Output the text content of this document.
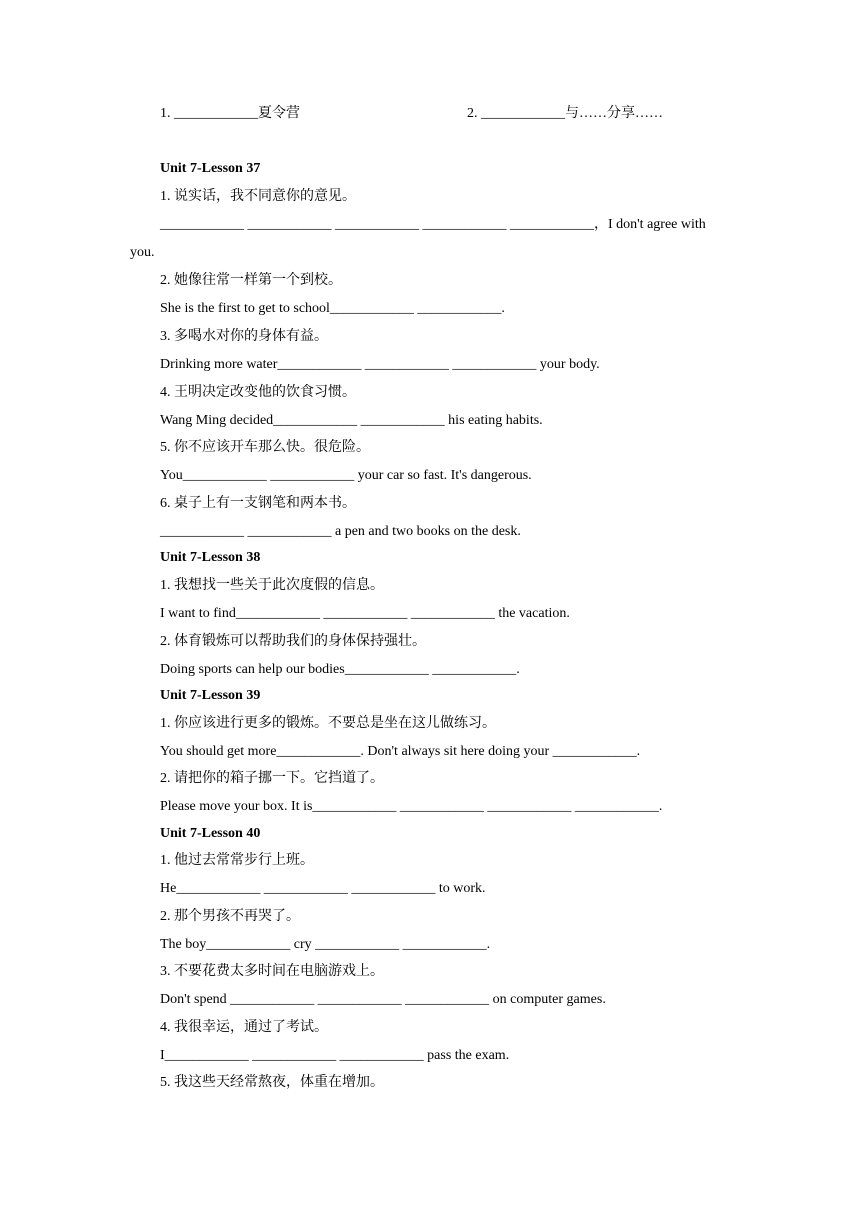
1. ____________夏令营	2. ____________与……分享……
Unit 7-Lesson 37
1. 说实话，我不同意你的意见。
____________ ____________ ____________ ____________ ____________，I don't agree with you.
2. 她像往常一样第一个到校。
She is the first to get to school____________ ____________.
3. 多喝水对你的身体有益。
Drinking more water____________ ____________ ____________ your body.
4. 王明决定改变他的饮食习惯。
Wang Ming decided____________ ____________ his eating habits.
5. 你不应该开车那么快。很危险。
You____________ ____________ your car so fast. It's dangerous.
6. 桌子上有一支钢笔和两本书。
____________ ____________ a pen and two books on the desk.
Unit 7-Lesson 38
1. 我想找一些关于此次度假的信息。
I want to find____________ ____________ ____________ the vacation.
2. 体育锻炼可以帮助我们的身体保持强壮。
Doing sports can help our bodies____________ ____________.
Unit 7-Lesson 39
1. 你应该进行更多的锻炼。不要总是坐在这儿做练习。
You should get more____________. Don't always sit here doing your ____________.
2. 请把你的箱子挪一下。它挡道了。
Please move your box. It is____________ ____________ ____________ ____________.
Unit 7-Lesson 40
1. 他过去常常步行上班。
He____________ ____________ ____________ to work.
2. 那个男孩不再哭了。
The boy____________ cry ____________ ____________.
3. 不要花费太多时间在电脑游戏上。
Don't spend ____________ ____________ ____________ on computer games.
4. 我很幸运，通过了考试。
I____________ ____________ ____________ pass the exam.
5. 我这些天经常熬夜，体重在增加。
